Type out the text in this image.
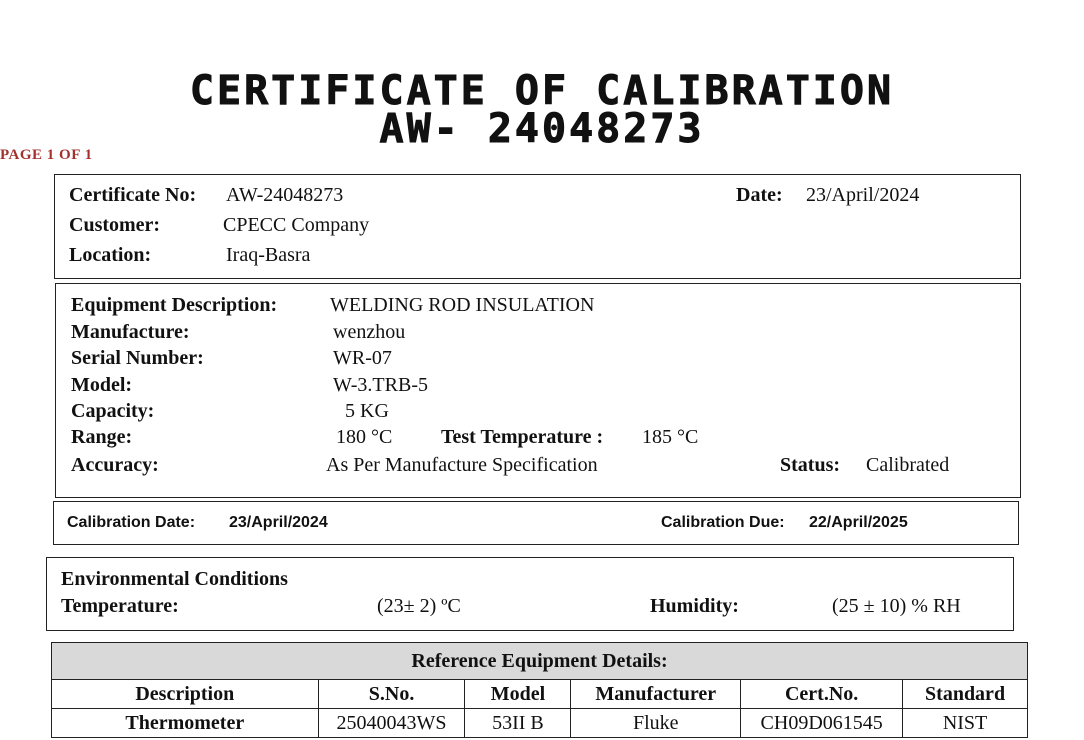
CERTIFICATE OF CALIBRATION
AW- 24048273
PAGE 1 OF 1
Certificate No: AW-24048273	Date: 23/April/2024
Customer:	CPECC Company
Location:	Iraq-Basra
Equipment Description:	WELDING ROD INSULATION
Manufacture:	wenzhou
Serial Number:	WR-07
Model:	W-3.TRB-5
Capacity:	5 KG
Range:	180 °C Test Temperature : 185 °C
Accuracy:	As Per Manufacture Specification	Status: Calibrated
Calibration Date: 23/April/2024	Calibration Due: 22/April/2025
Environmental Conditions
Temperature:	(23± 2) ºC	Humidity:	(25 ± 10) % RH
Reference Equipment Details:					
Description	S.No.	Model	Manufacturer	Cert.No.	Standard
Thermometer	25040043WS	53II B	Fluke	CH09D061545	NIST
